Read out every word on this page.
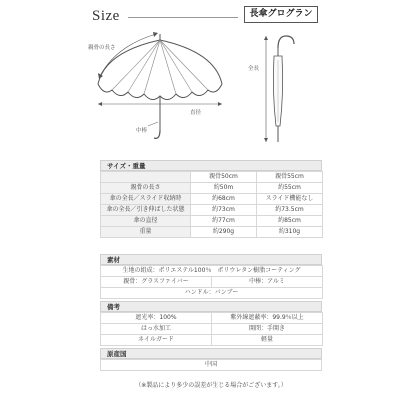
Size	長傘グログラン
親骨の長さ
全長
直径
中棒
サイズ・重量
	親骨50cm	親骨55cm
親骨の長さ	約50m	約55cm
傘の全長／スライド収納時	約68cm	スライド機能なし
傘の全長／引き伸ばした状態	約73cm	約73.5cm
傘の直径	約77cm	約85cm
重量	約290g	約310g
素材
生地の組成：ポリエステル100％　ポリウレタン樹脂コーティング
親骨：グラスファイバー	中棒：アルミ
ハンドル：バンブー
備考
遮光率：100%	紫外線遮蔽率：99.9％以上
はっ水加工	開閉：手開き
ネイルガード	軽量
原産国
中国
（※製品により多少の誤差が生じる場合がございます。）
